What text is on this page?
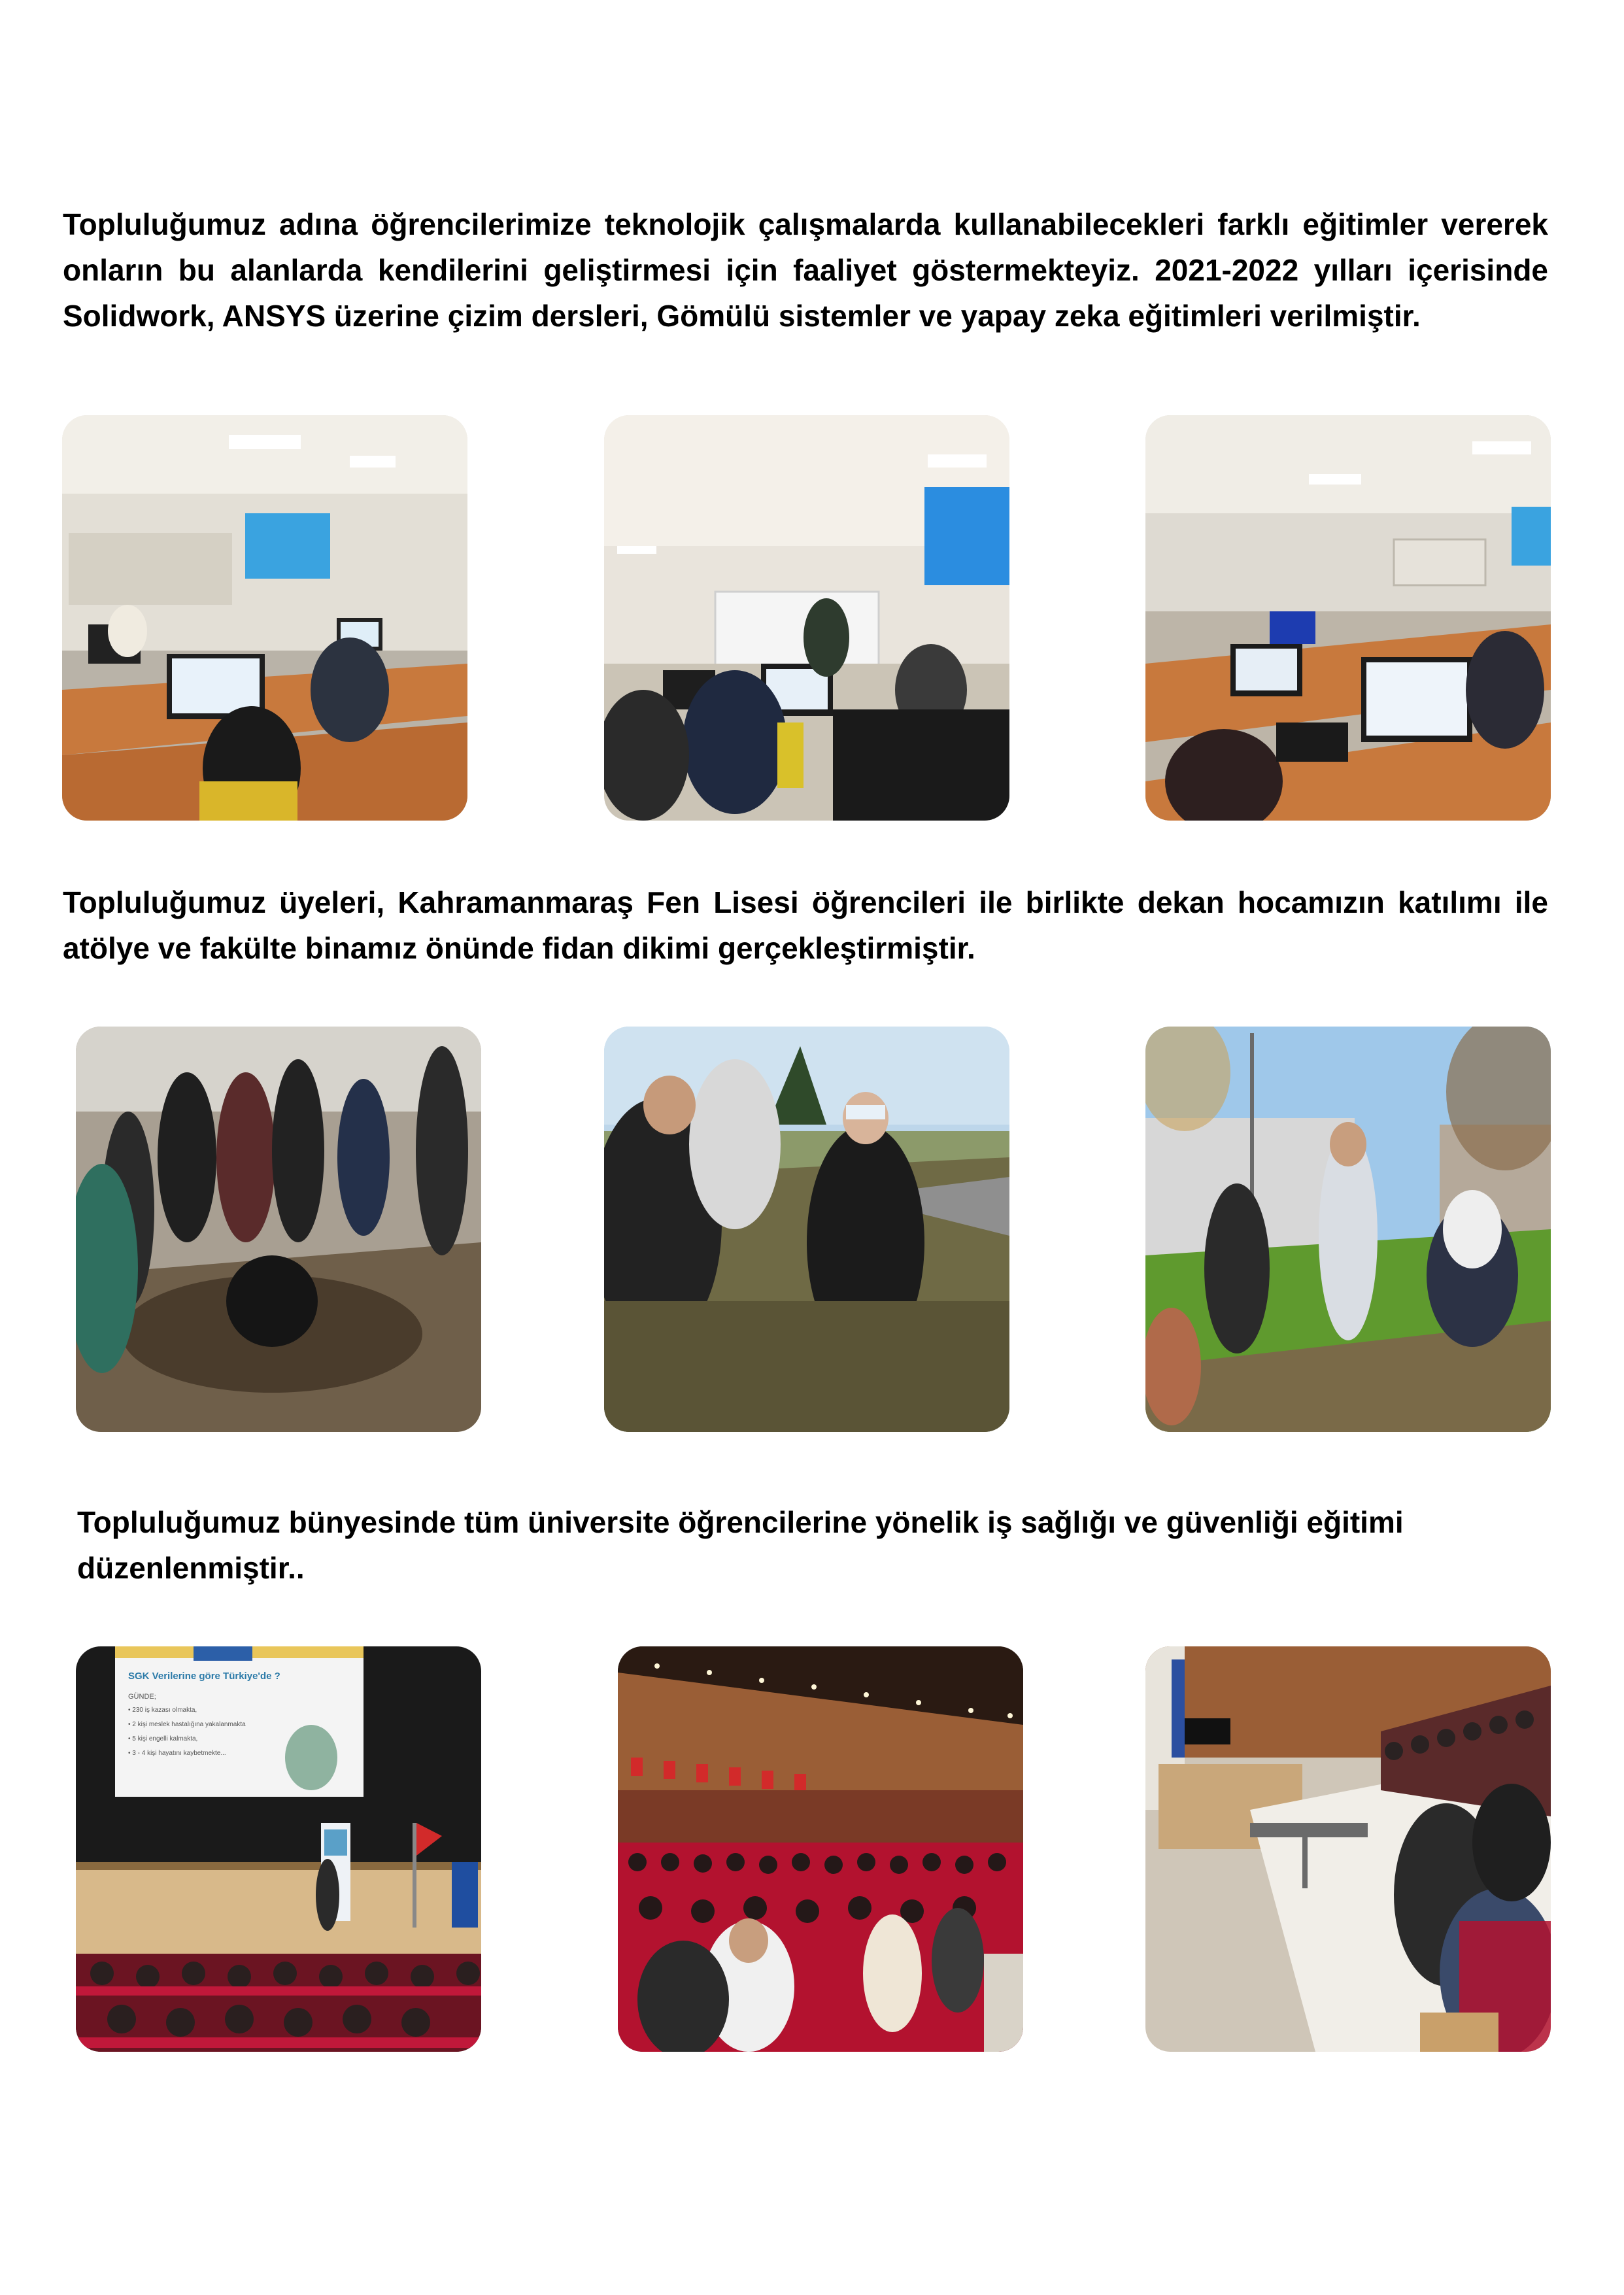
Topluluğumuz adına öğrencilerimize teknolojik çalışmalarda kullanabilecekleri farklı eğitimler vererek onların bu alanlarda kendilerini geliştirmesi için faaliyet göstermekteyiz. 2021-2022 yılları içerisinde Solidwork, ANSYS üzerine çizim dersleri, Gömülü sistemler ve yapay zeka eğitimleri verilmiştir.

Topluluğumuz üyeleri, Kahramanmaraş Fen Lisesi öğrencileri ile birlikte dekan hocamızın katılımı ile atölye ve fakülte binamız önünde fidan dikimi gerçekleştirmiştir.

Topluluğumuz bünyesinde tüm üniversite öğrencilerine yönelik iş sağlığı ve güvenliği eğitimi düzenlenmiştir..

SGK Verilerine göre Türkiye'de ?
GÜNDE;
• 230 iş kazası olmakta,
• 2 kişi meslek hastalığına yakalanmakta
• 5 kişi engelli kalmakta,
• 3 - 4 kişi hayatını kaybetmekte...
